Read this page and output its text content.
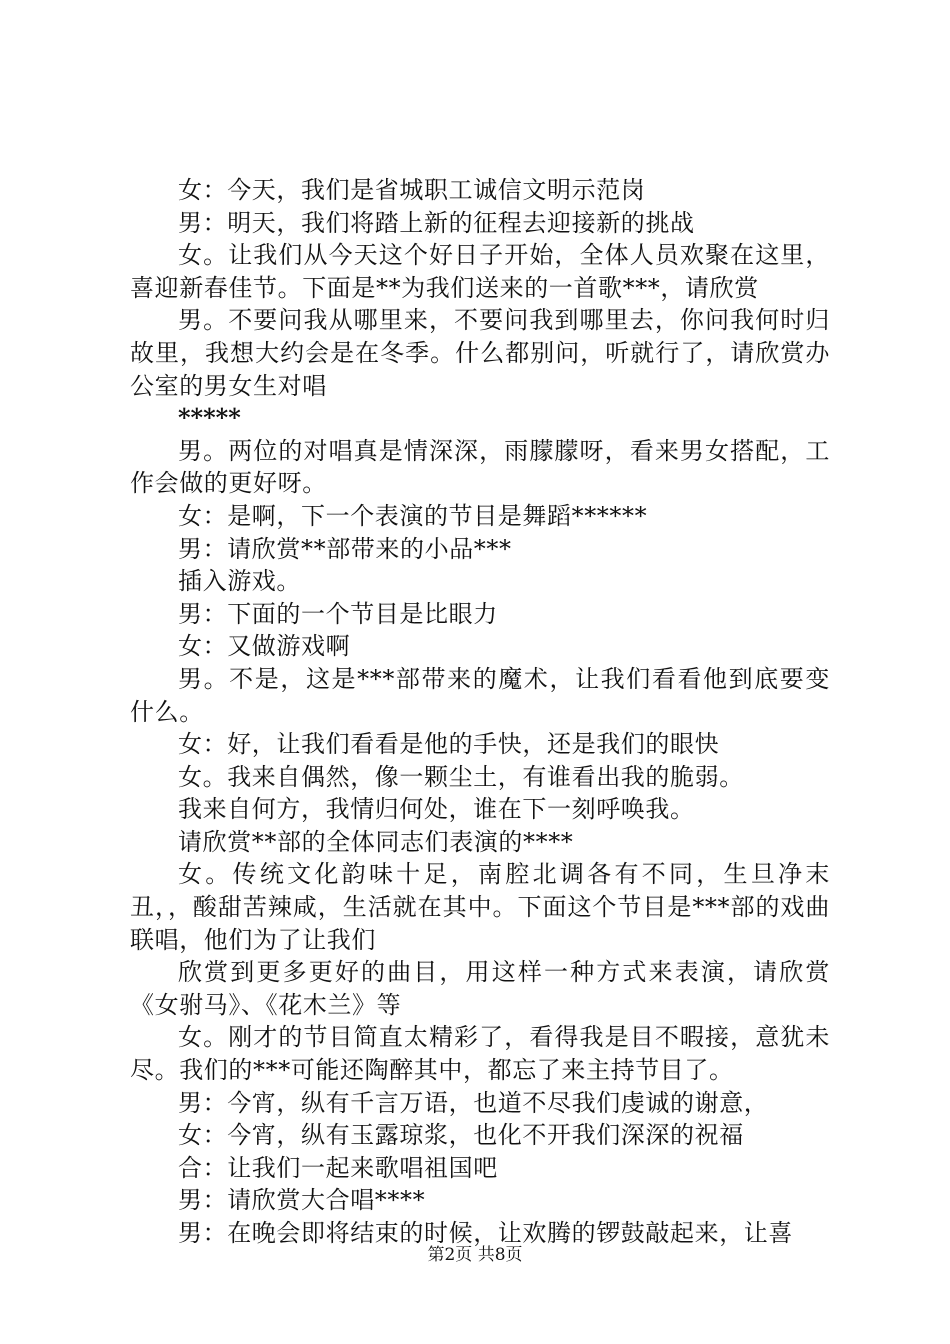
女：今天，我们是省城职工诚信文明示范岗

男：明天，我们将踏上新的征程去迎接新的挑战

女。让我们从今天这个好日子开始，全体人员欢聚在这里，喜迎新春佳节。下面是**为我们送来的一首歌***，请欣赏

男。不要问我从哪里来，不要问我到哪里去，你问我何时归故里，我想大约会是在冬季。什么都别问，听就行了，请欣赏办公室的男女生对唱

*****

男。两位的对唱真是情深深，雨朦朦呀，看来男女搭配，工作会做的更好呀。

女：是啊，下一个表演的节目是舞蹈******

男：请欣赏**部带来的小品***

插入游戏。

男：下面的一个节目是比眼力

女：又做游戏啊

男。不是，这是***部带来的魔术，让我们看看他到底要变什么。

女：好，让我们看看是他的手快，还是我们的眼快

女。我来自偶然，像一颗尘土，有谁看出我的脆弱。

我来自何方，我情归何处，谁在下一刻呼唤我。

请欣赏**部的全体同志们表演的****

女。传统文化韵味十足，南腔北调各有不同，生旦净末丑，，酸甜苦辣咸，生活就在其中。下面这个节目是***部的戏曲联唱，他们为了让我们

欣赏到更多更好的曲目，用这样一种方式来表演，请欣赏《女驸马》、《花木兰》等

女。刚才的节目简直太精彩了，看得我是目不暇接，意犹未尽。我们的***可能还陶醉其中，都忘了来主持节目了。

男：今宵，纵有千言万语，也道不尽我们虔诚的谢意，

女：今宵，纵有玉露琼浆，也化不开我们深深的祝福

合：让我们一起来歌唱祖国吧

男：请欣赏大合唱****

男：在晚会即将结束的时候，让欢腾的锣鼓敲起来，让喜

第2页 共8页
